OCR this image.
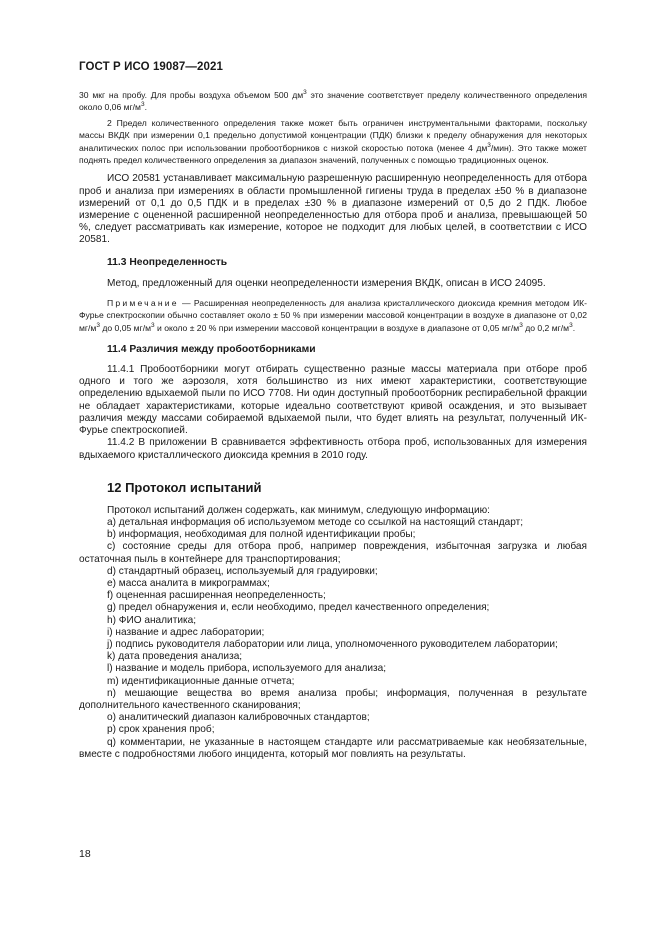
ГОСТ Р ИСО 19087—2021

30 мкг на пробу. Для пробы воздуха объемом 500 $дм^3$ это значение соответствует пределу количественного определения около 0,06 $мг/м^3$.

2 Предел количественного определения также может быть ограничен инструментальными факторами, поскольку массы ВКДК при измерении 0,1 предельно допустимой концентрации (ПДК) близки к пределу обнаружения для некоторых аналитических полос при использовании пробоотборников с низкой скоростью потока (менее 4 $дм^3/мин$). Это также может поднять предел количественного определения за диапазон значений, полученных с помощью традиционных оценок.

ИСО 20581 устанавливает максимальную разрешенную расширенную неопределенность для отбора проб и анализа при измерениях в области промышленной гигиены труда в пределах ±50 % в диапазоне измерений от 0,1 до 0,5 ПДК и в пределах ±30 % в диапазоне измерений от 0,5 до 2 ПДК. Любое измерение с оцененной расширенной неопределенностью для отбора проб и анализа, превышающей 50 %, следует рассматривать как измерение, которое не подходит для любых целей, в соответствии с ИСО 20581.

11.3 Неопределенность

Метод, предложенный для оценки неопределенности измерения ВКДК, описан в ИСО 24095.

Примечание — Расширенная неопределенность для анализа кристаллического диоксида кремния методом ИК-Фурье спектроскопии обычно составляет около ± 50 % при измерении массовой концентрации в воздухе в диапазоне от 0,02 $мг/м^3$ до 0,05 $мг/м^3$ и около ± 20 % при измерении массовой концентрации в воздухе в диапазоне от 0,05 $мг/м^3$ до 0,2 $мг/м^3$.

11.4 Различия между пробоотборниками

11.4.1 Пробоотборники могут отбирать существенно разные массы материала при отборе проб одного и того же аэрозоля, хотя большинство из них имеют характеристики, соответствующие определению вдыхаемой пыли по ИСО 7708. Ни один доступный пробоотборник респирабельной фракции не обладает характеристиками, которые идеально соответствуют кривой осаждения, и это вызывает различия между массами собираемой вдыхаемой пыли, что будет влиять на результат, полученный ИК-Фурье спектроскопией.

11.4.2 В приложении В сравнивается эффективность отбора проб, использованных для измерения вдыхаемого кристаллического диоксида кремния в 2010 году.

12 Протокол испытаний

Протокол испытаний должен содержать, как минимум, следующую информацию:

a) детальная информация об используемом методе со ссылкой на настоящий стандарт;

b) информация, необходимая для полной идентификации пробы;

c) состояние среды для отбора проб, например повреждения, избыточная загрузка и любая остаточная пыль в контейнере для транспортирования;

d) стандартный образец, используемый для градуировки;

e) масса аналита в микрограммах;

f) оцененная расширенная неопределенность;

g) предел обнаружения и, если необходимо, предел качественного определения;

h) ФИО аналитика;

i) название и адрес лаборатории;

j) подпись руководителя лаборатории или лица, уполномоченного руководителем лаборатории;

k) дата проведения анализа;

l) название и модель прибора, используемого для анализа;

m) идентификационные данные отчета;

n) мешающие вещества во время анализа пробы; информация, полученная в результате дополнительного качественного сканирования;

o) аналитический диапазон калибровочных стандартов;

p) срок хранения проб;

q) комментарии, не указанные в настоящем стандарте или рассматриваемые как необязательные, вместе с подробностями любого инцидента, который мог повлиять на результаты.

18
